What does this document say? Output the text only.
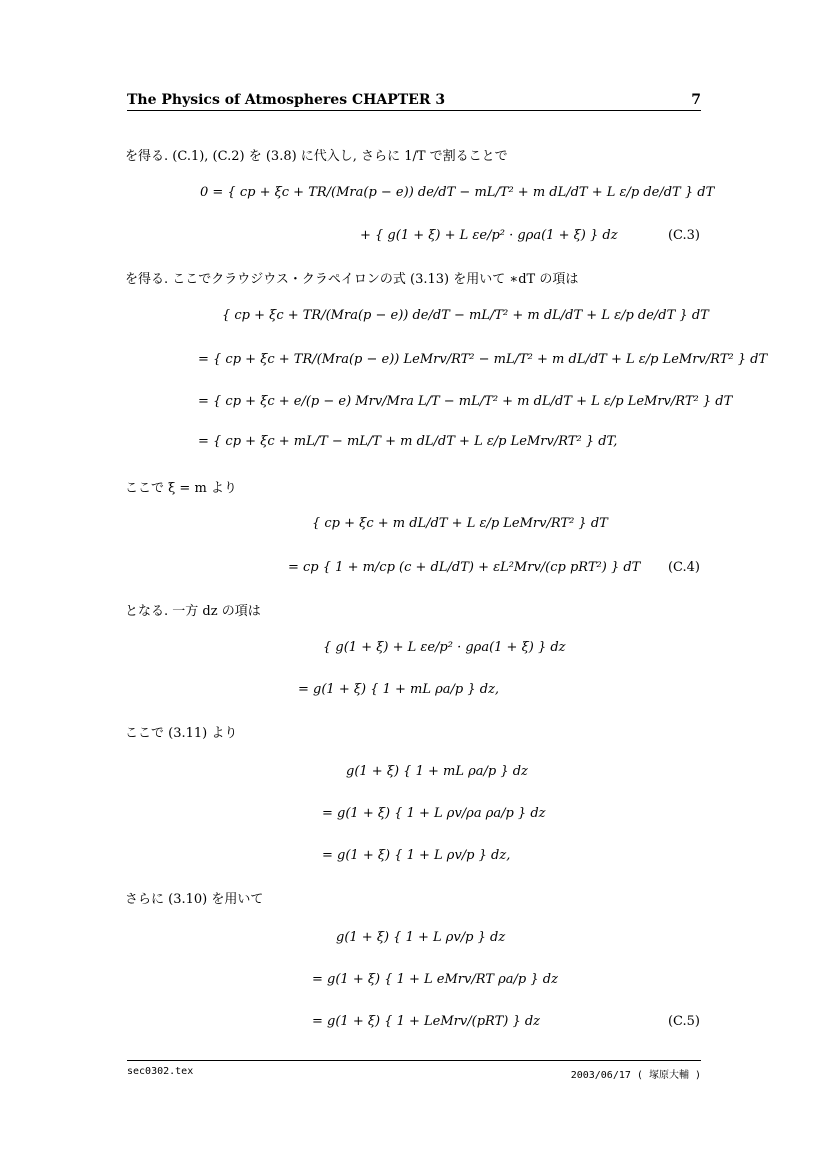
The Physics of Atmospheres CHAPTER 3	7
を得る. (C.1), (C.2) を (3.8) に代入し, さらに 1/T で割ることで
0 = { cp + ξc + TR/(Mra(p − e)) de/dT − mL/T² + m dL/dT + L ε/p de/dT } dT
+ { g(1 + ξ) + L εe/p² · gρa(1 + ξ) } dz	(C.3)
を得る. ここでクラウジウス・クラペイロンの式 (3.13) を用いて ∗dT の項は
{ cp + ξc + TR/(Mra(p − e)) de/dT − mL/T² + m dL/dT + L ε/p de/dT } dT
= { cp + ξc + TR/(Mra(p − e)) LeMrv/RT² − mL/T² + m dL/dT + L ε/p LeMrv/RT² } dT
= { cp + ξc + e/(p − e) Mrv/Mra L/T − mL/T² + m dL/dT + L ε/p LeMrv/RT² } dT
= { cp + ξc + mL/T − mL/T + m dL/dT + L ε/p LeMrv/RT² } dT,
ここで ξ = m より
{ cp + ξc + m dL/dT + L ε/p LeMrv/RT² } dT
= cp { 1 + m/cp (c + dL/dT) + εL²Mrv/(cp pRT²) } dT (C.4)
となる. 一方 dz の項は
{ g(1 + ξ) + L εe/p² · gρa(1 + ξ) } dz
= g(1 + ξ) { 1 + mL ρa/p } dz,
ここで (3.11) より
g(1 + ξ) { 1 + mL ρa/p } dz
= g(1 + ξ) { 1 + L ρv/ρa ρa/p } dz
= g(1 + ξ) { 1 + L ρv/p } dz,
さらに (3.10) を用いて
g(1 + ξ) { 1 + L ρv/p } dz
= g(1 + ξ) { 1 + L eMrv/RT ρa/p } dz
= g(1 + ξ) { 1 + LeMrv/(pRT) } dz	(C.5)
sec0302.tex	2003/06/17 ( 塚原大輔 )
